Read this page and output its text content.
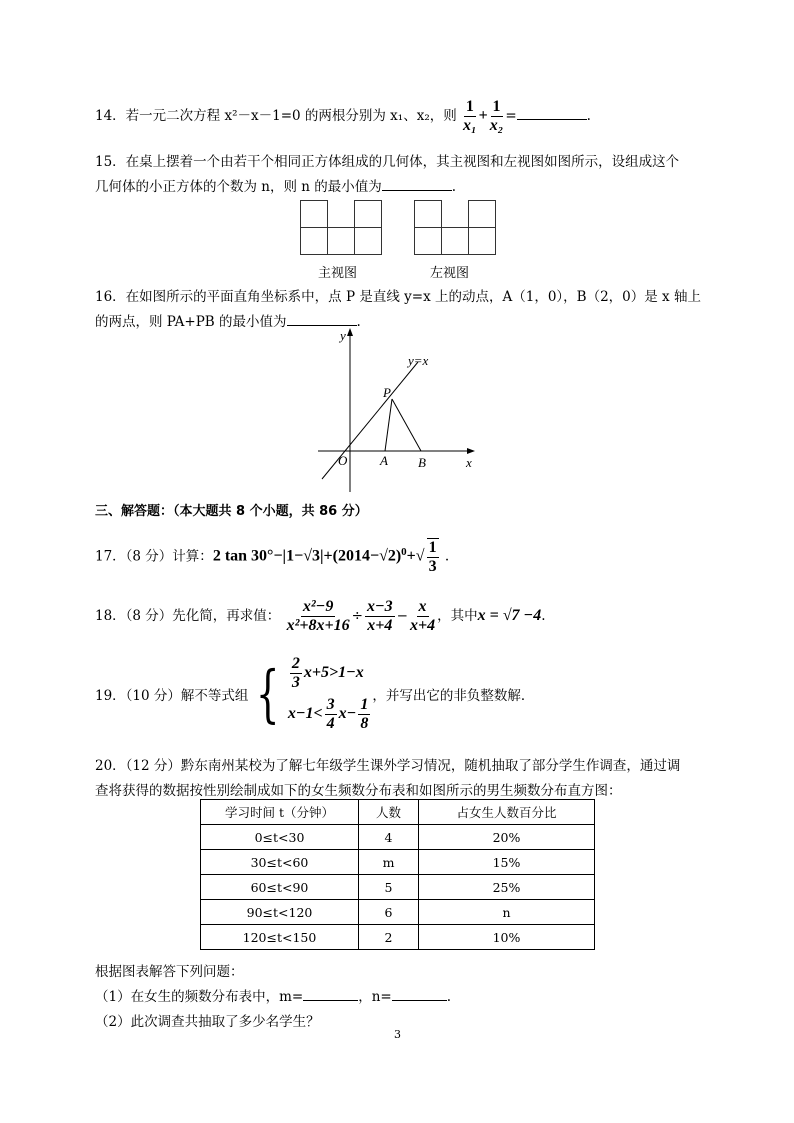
14．若一元二次方程 x²－x－1=0 的两根分别为 x₁、x₂，则 $\frac{1}{\text{x₁}} + \frac{1}{\text{x₂}}$ =	.
15．在桌上摆着一个由若干个相同正方体组成的几何体，其主视图和左视图如图所示，设组成这个
几何体的小正方体的个数为 n，则 n 的最小值为	.
主视图	左视图
16．在如图所示的平面直角坐标系中，点 P 是直线 y=x 上的动点，A（1，0），B（2，0）是 x 轴上
的两点，则 PA+PB 的最小值为	.
y
x
y=x
P
O	A B
三、解答题：（本大题共 8 个小题，共 86 分）
17．（8 分）计算：2 $\tan 30^\circ-|1-√3|+(2014-√2)^0+√ \frac{1}{3}$ .
18．（8 分）先化简，再求值： $\frac{\text{x²−9}}{\text{x²+8x+16}} \div \frac{x-3}{x+4} - \frac{x}{x+4}$ ，其中x = √7 −4.
19．（10 分）解不等式组 { $\frac{2}{3} x+5>1-x$
$x-1< \frac{3}{4} x- \frac{1}{8}$ ，并写出它的非负整数解．
20．（12 分）黔东南州某校为了解七年级学生课外学习情况，随机抽取了部分学生作调查，通过调
查将获得的数据按性别绘制成如下的女生频数分布表和如图所示的男生频数分布直方图：
学习时间 t（分钟）	人数	占女生人数百分比
0≤t<30	4	20%
30≤t<60	m	15%
60≤t<90	5	25%
90≤t<120	6	n
120≤t<150	2	10%
根据图表解答下列问题：
（1）在女生的频数分布表中，m=	，n=	.
（2）此次调查共抽取了多少名学生？
3
